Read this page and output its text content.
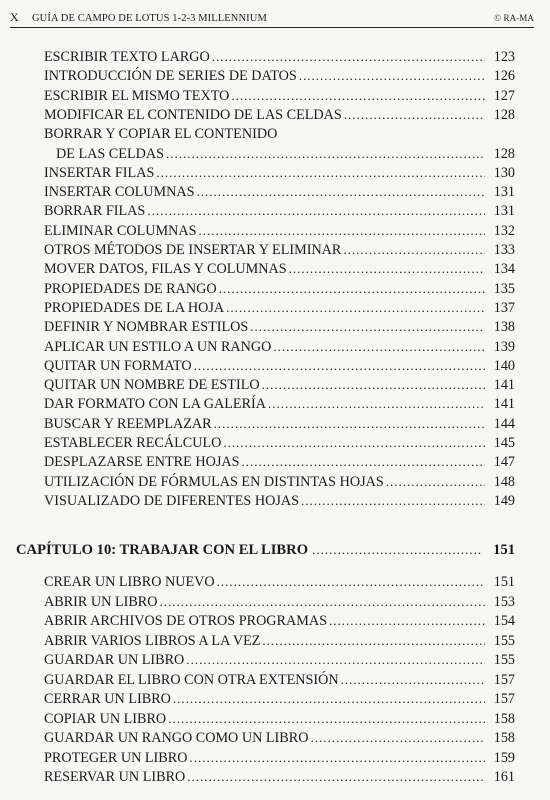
X	GUÍA DE CAMPO DE LOTUS 1-2-3 MILLENNIUM	© RA-MA
CAPÍTULO 10: TRABAJAR CON EL LIBRO .....	151
ESCRIBIR TEXTO LARGO .....	123
INTRODUCCIÓN DE SERIES DE DATOS .....	126
ESCRIBIR EL MISMO TEXTO .....	127
MODIFICAR EL CONTENIDO DE LAS CELDAS .....	128
BORRAR Y COPIAR EL CONTENIDO
DE LAS CELDAS .....	128
INSERTAR FILAS .....	130
INSERTAR COLUMNAS .....	131
BORRAR FILAS .....	131
ELIMINAR COLUMNAS .....	132
OTROS MÉTODOS DE INSERTAR Y ELIMINAR .....	133
MOVER DATOS, FILAS Y COLUMNAS .....	134
PROPIEDADES DE RANGO .....	135
PROPIEDADES DE LA HOJA .....	137
DEFINIR Y NOMBRAR ESTILOS .....	138
APLICAR UN ESTILO A UN RANGO .....	139
QUITAR UN FORMATO .....	140
QUITAR UN NOMBRE DE ESTILO .....	141
DAR FORMATO CON LA GALERÍA .....	141
BUSCAR Y REEMPLAZAR .....	144
ESTABLECER RECÁLCULO .....	145
DESPLAZARSE ENTRE HOJAS .....	147
UTILIZACIÓN DE FÓRMULAS EN DISTINTAS HOJAS .....	148
VISUALIZADO DE DIFERENTES HOJAS .....	149
CREAR UN LIBRO NUEVO .....	151
ABRIR UN LIBRO .....	153
ABRIR ARCHIVOS DE OTROS PROGRAMAS .....	154
ABRIR VARIOS LIBROS A LA VEZ .....	155
GUARDAR UN LIBRO .....	155
GUARDAR EL LIBRO CON OTRA EXTENSIÓN .....	157
CERRAR UN LIBRO .....	157
COPIAR UN LIBRO .....	158
GUARDAR UN RANGO COMO UN LIBRO .....	158
PROTEGER UN LIBRO .....	159
RESERVAR UN LIBRO .....	161
